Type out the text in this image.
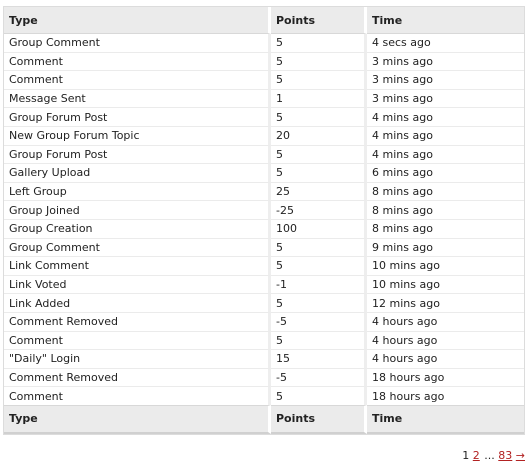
Type	Points	Time
Group Comment	5	4 secs ago
Comment	5	3 mins ago
Comment	5	3 mins ago
Message Sent	1	3 mins ago
Group Forum Post	5	4 mins ago
New Group Forum Topic	20	4 mins ago
Group Forum Post	5	4 mins ago
Gallery Upload	5	6 mins ago
Left Group	25	8 mins ago
Group Joined	-25	8 mins ago
Group Creation	100	8 mins ago
Group Comment	5	9 mins ago
Link Comment	5	10 mins ago
Link Voted	-1	10 mins ago
Link Added	5	12 mins ago
Comment Removed	-5	4 hours ago
Comment	5	4 hours ago
"Daily" Login	15	4 hours ago
Comment Removed	-5	18 hours ago
Comment	5	18 hours ago
Type	Points	Time
1 2 ... 83 →
